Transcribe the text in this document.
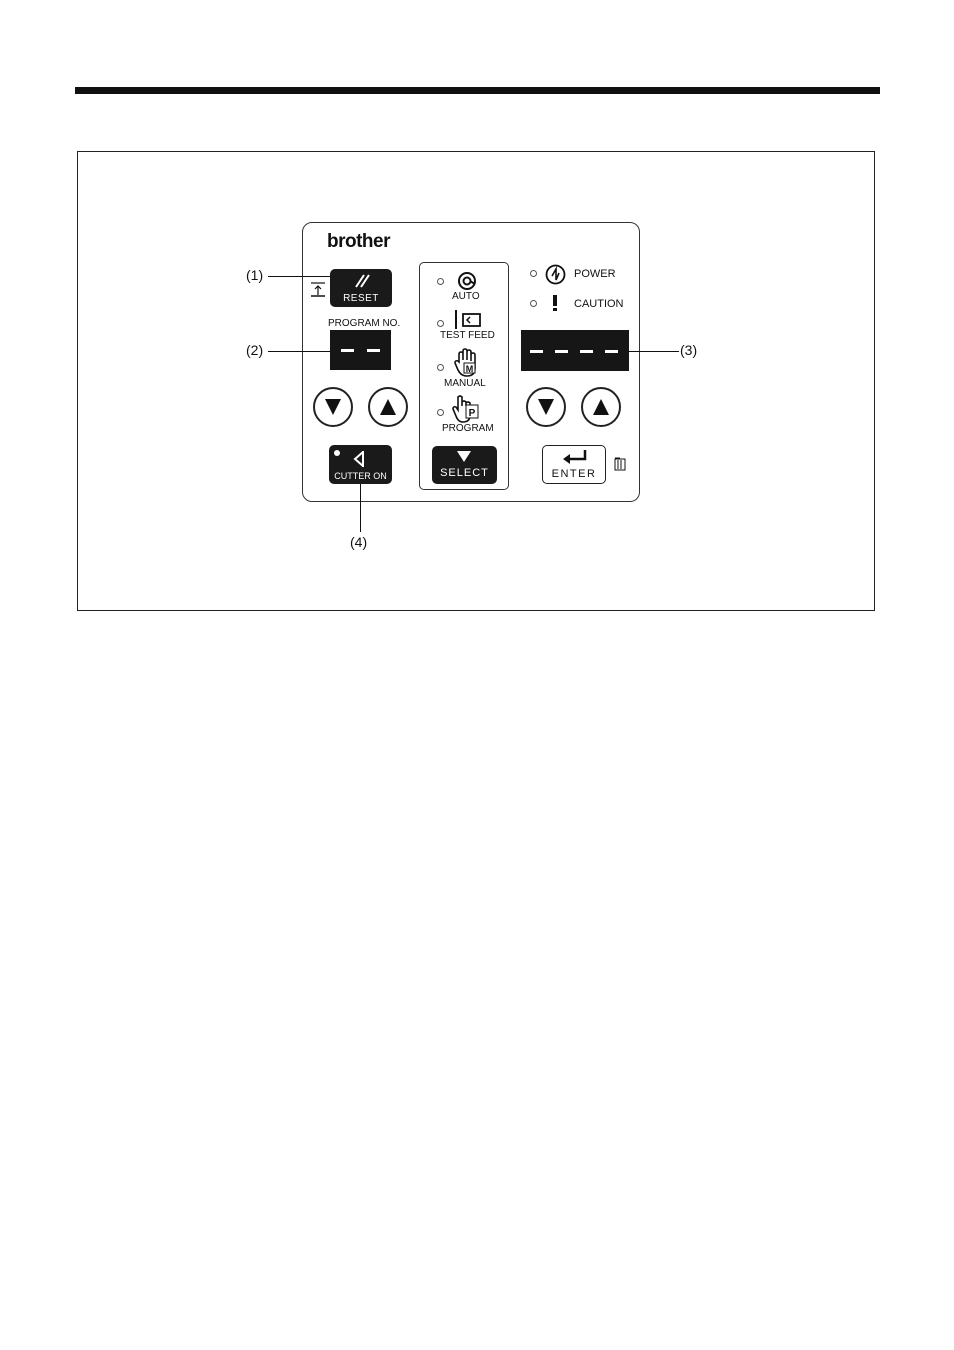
brother
(1)
RESET
PROGRAM NO.
(2)
CUTTER ON
(4)
AUTO
TEST FEED
M
MANUAL
P
PROGRAM
SELECT
POWER
CAUTION
(3)
ENTER
